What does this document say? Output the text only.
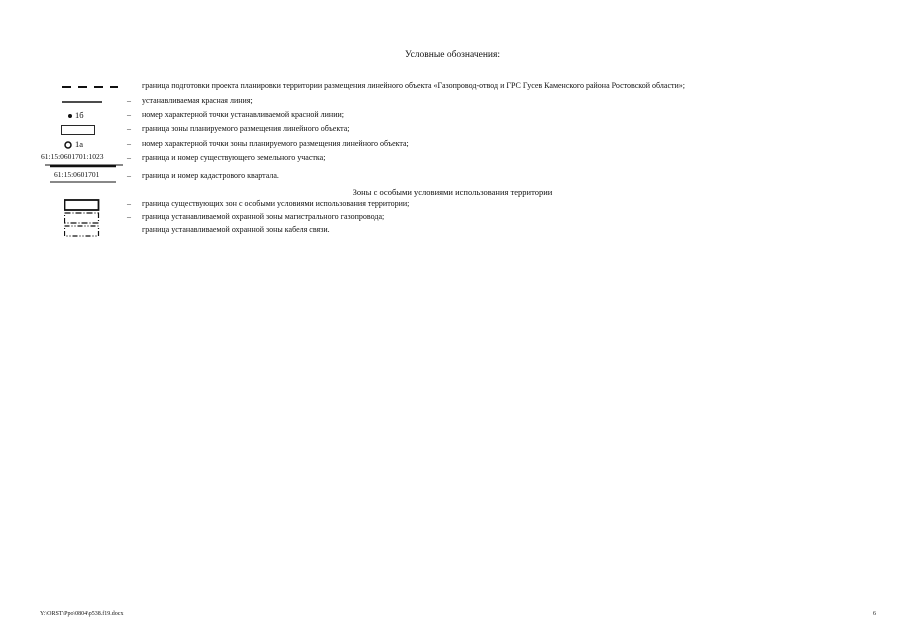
Условные обозначения:
граница подготовки проекта планировки территории размещения линейного объекта «Газопровод-отвод и ГРС Гусев Каменского района Ростовской области»;
– устанавливаемая красная линия;
1б	– номер характерной точки устанавливаемой красной линии;
– граница зоны планируемого размещения линейного объекта;
1а	– номер характерной точки зоны планируемого размещения линейного объекта;
61:15:0601701:1023	– граница и номер существующего земельного участка;
61:15:0601701	– граница и номер кадастрового квартала.
Зоны с особыми условиями использования территории
– граница существующих зон с особыми условиями использования территории;
– граница устанавливаемой охранной зоны магистрального газопровода;
граница устанавливаемой охранной зоны кабеля связи.
Y:\ORST\Ppo\0804\p538.f19.docx	6
